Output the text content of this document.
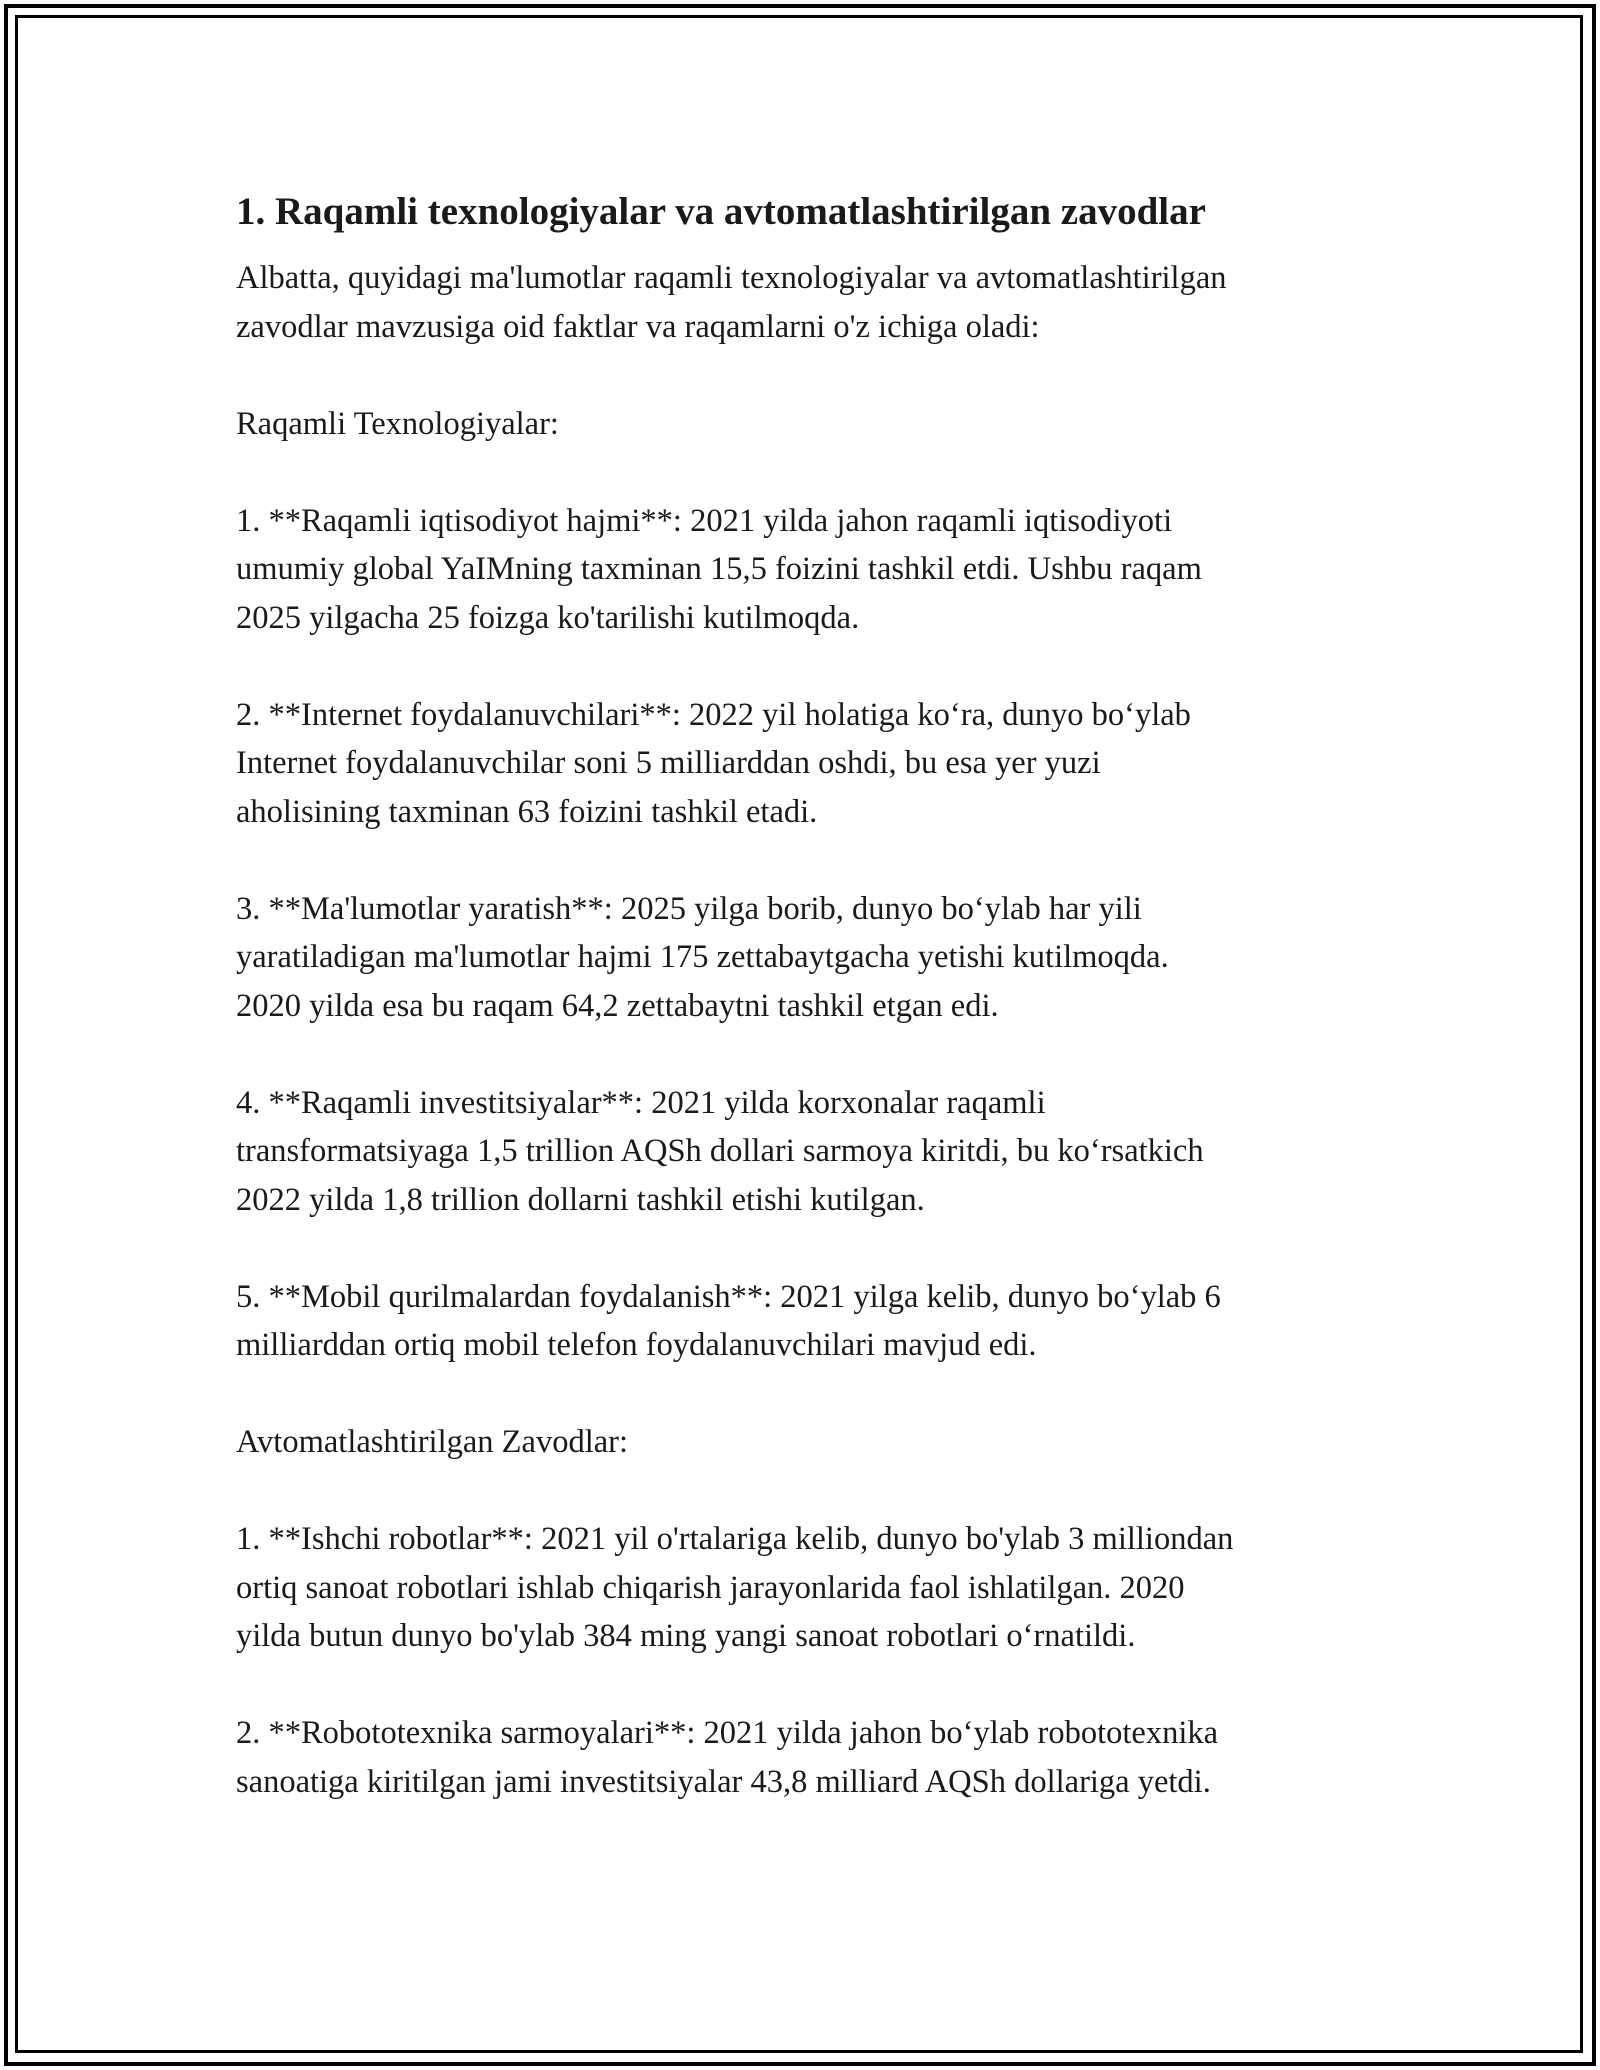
1. Raqamli texnologiyalar va avtomatlashtirilgan zavodlar

Albatta, quyidagi ma'lumotlar raqamli texnologiyalar va avtomatlashtirilgan
zavodlar mavzusiga oid faktlar va raqamlarni o'z ichiga oladi:

Raqamli Texnologiyalar:

1. **Raqamli iqtisodiyot hajmi**: 2021 yilda jahon raqamli iqtisodiyoti
umumiy global YaIMning taxminan 15,5 foizini tashkil etdi. Ushbu raqam
2025 yilgacha 25 foizga ko'tarilishi kutilmoqda.

2. **Internet foydalanuvchilari**: 2022 yil holatiga ko‘ra, dunyo bo‘ylab
Internet foydalanuvchilar soni 5 milliarddan oshdi, bu esa yer yuzi
aholisining taxminan 63 foizini tashkil etadi.

3. **Ma'lumotlar yaratish**: 2025 yilga borib, dunyo bo‘ylab har yili
yaratiladigan ma'lumotlar hajmi 175 zettabaytgacha yetishi kutilmoqda.
2020 yilda esa bu raqam 64,2 zettabaytni tashkil etgan edi.

4. **Raqamli investitsiyalar**: 2021 yilda korxonalar raqamli
transformatsiyaga 1,5 trillion AQSh dollari sarmoya kiritdi, bu ko‘rsatkich
2022 yilda 1,8 trillion dollarni tashkil etishi kutilgan.

5. **Mobil qurilmalardan foydalanish**: 2021 yilga kelib, dunyo bo‘ylab 6
milliarddan ortiq mobil telefon foydalanuvchilari mavjud edi.

Avtomatlashtirilgan Zavodlar:

1. **Ishchi robotlar**: 2021 yil o'rtalariga kelib, dunyo bo'ylab 3 milliondan
ortiq sanoat robotlari ishlab chiqarish jarayonlarida faol ishlatilgan. 2020
yilda butun dunyo bo'ylab 384 ming yangi sanoat robotlari o‘rnatildi.

2. **Robototexnika sarmoyalari**: 2021 yilda jahon bo‘ylab robototexnika
sanoatiga kiritilgan jami investitsiyalar 43,8 milliard AQSh dollariga yetdi.
